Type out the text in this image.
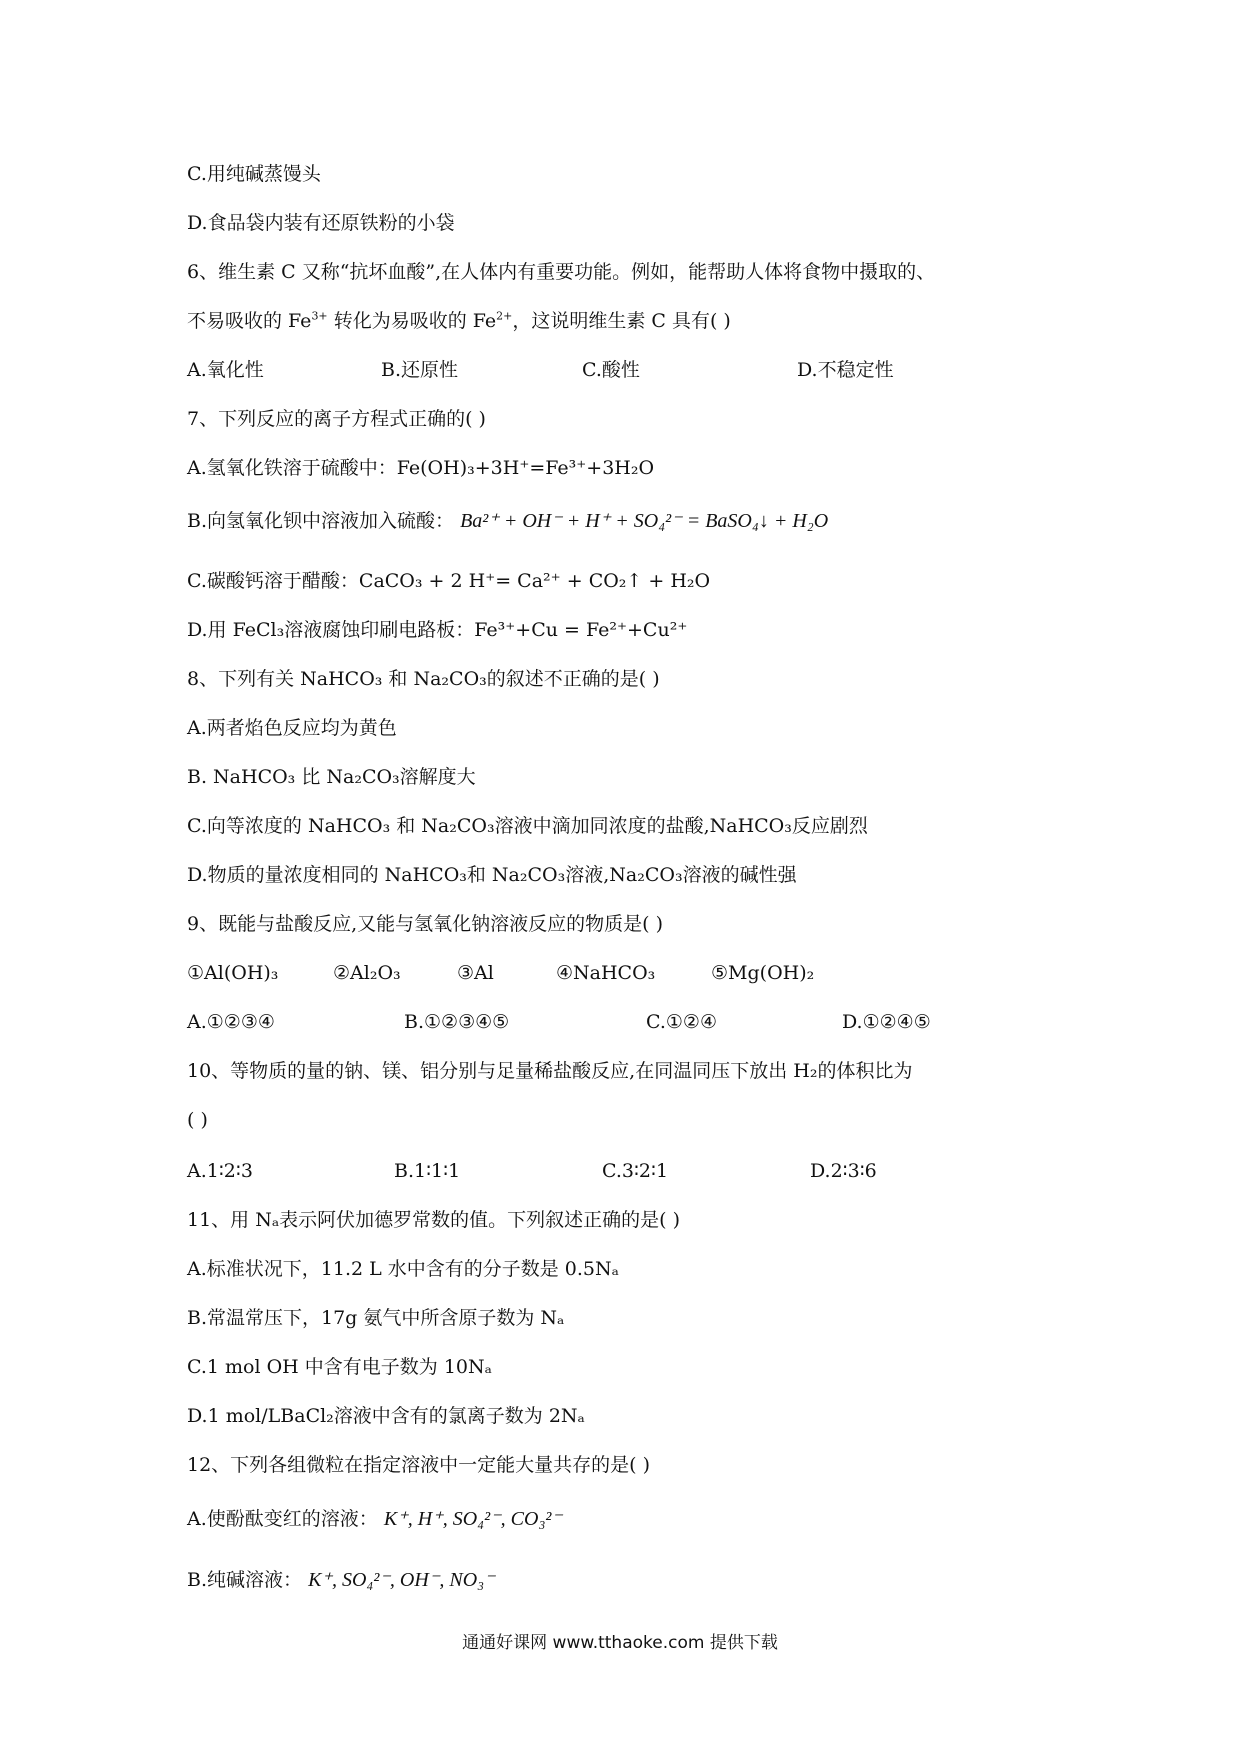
C.用纯碱蒸馒头
D.食品袋内装有还原铁粉的小袋
6、维生素 C 又称“抗坏血酸”,在人体内有重要功能。例如，能帮助人体将食物中摄取的、
不易吸收的 $Fe^{3+}$ 转化为易吸收的 $Fe^{2+}$，这说明维生素 C 具有( )
A.氧化性	B.还原性	C.酸性	D.不稳定性
7、下列反应的离子方程式正确的( )
A.氢氧化铁溶于硫酸中：Fe(OH)₃+3H⁺=Fe³⁺+3H₂O
B.向氢氧化钡中溶液加入硫酸： Ba²⁺ + OH⁻ + H⁺ + SO₄²⁻ = BaSO₄↓ + H₂O
C.碳酸钙溶于醋酸：CaCO₃ + 2 H⁺= Ca²⁺ + CO₂↑ + H₂O
D.用 FeCl₃溶液腐蚀印刷电路板：Fe³⁺+Cu = Fe²⁺+Cu²⁺
8、下列有关 NaHCO₃ 和 Na₂CO₃的叙述不正确的是( )
A.两者焰色反应均为黄色
B. NaHCO₃ 比 Na₂CO₃溶解度大
C.向等浓度的 NaHCO₃ 和 Na₂CO₃溶液中滴加同浓度的盐酸,NaHCO₃反应剧烈
D.物质的量浓度相同的 NaHCO₃和 Na₂CO₃溶液,Na₂CO₃溶液的碱性强
9、既能与盐酸反应,又能与氢氧化钠溶液反应的物质是( )
①Al(OH)₃	②Al₂O₃	③Al	④NaHCO₃	⑤Mg(OH)₂
A.①②③④	B.①②③④⑤	C.①②④	D.①②④⑤
10、等物质的量的钠、镁、铝分别与足量稀盐酸反应,在同温同压下放出 H₂的体积比为
( )
A.1∶2∶3	B.1∶1∶1	C.3∶2∶1	D.2∶3∶6
11、用 Nₐ表示阿伏加德罗常数的值。下列叙述正确的是( )
A.标准状况下，11.2 L 水中含有的分子数是 0.5Nₐ
B.常温常压下，17g 氨气中所含原子数为 Nₐ
C.1 mol OH 中含有电子数为 10Nₐ
D.1 mol/LBaCl₂溶液中含有的氯离子数为 2Nₐ
12、下列各组微粒在指定溶液中一定能大量共存的是( )
A.使酚酞变红的溶液： K⁺, H⁺, SO₄²⁻, CO₃²⁻
B.纯碱溶液： K⁺, SO₄²⁻, OH⁻, NO₃⁻
通通好课网 www.tthaoke.com 提供下载
